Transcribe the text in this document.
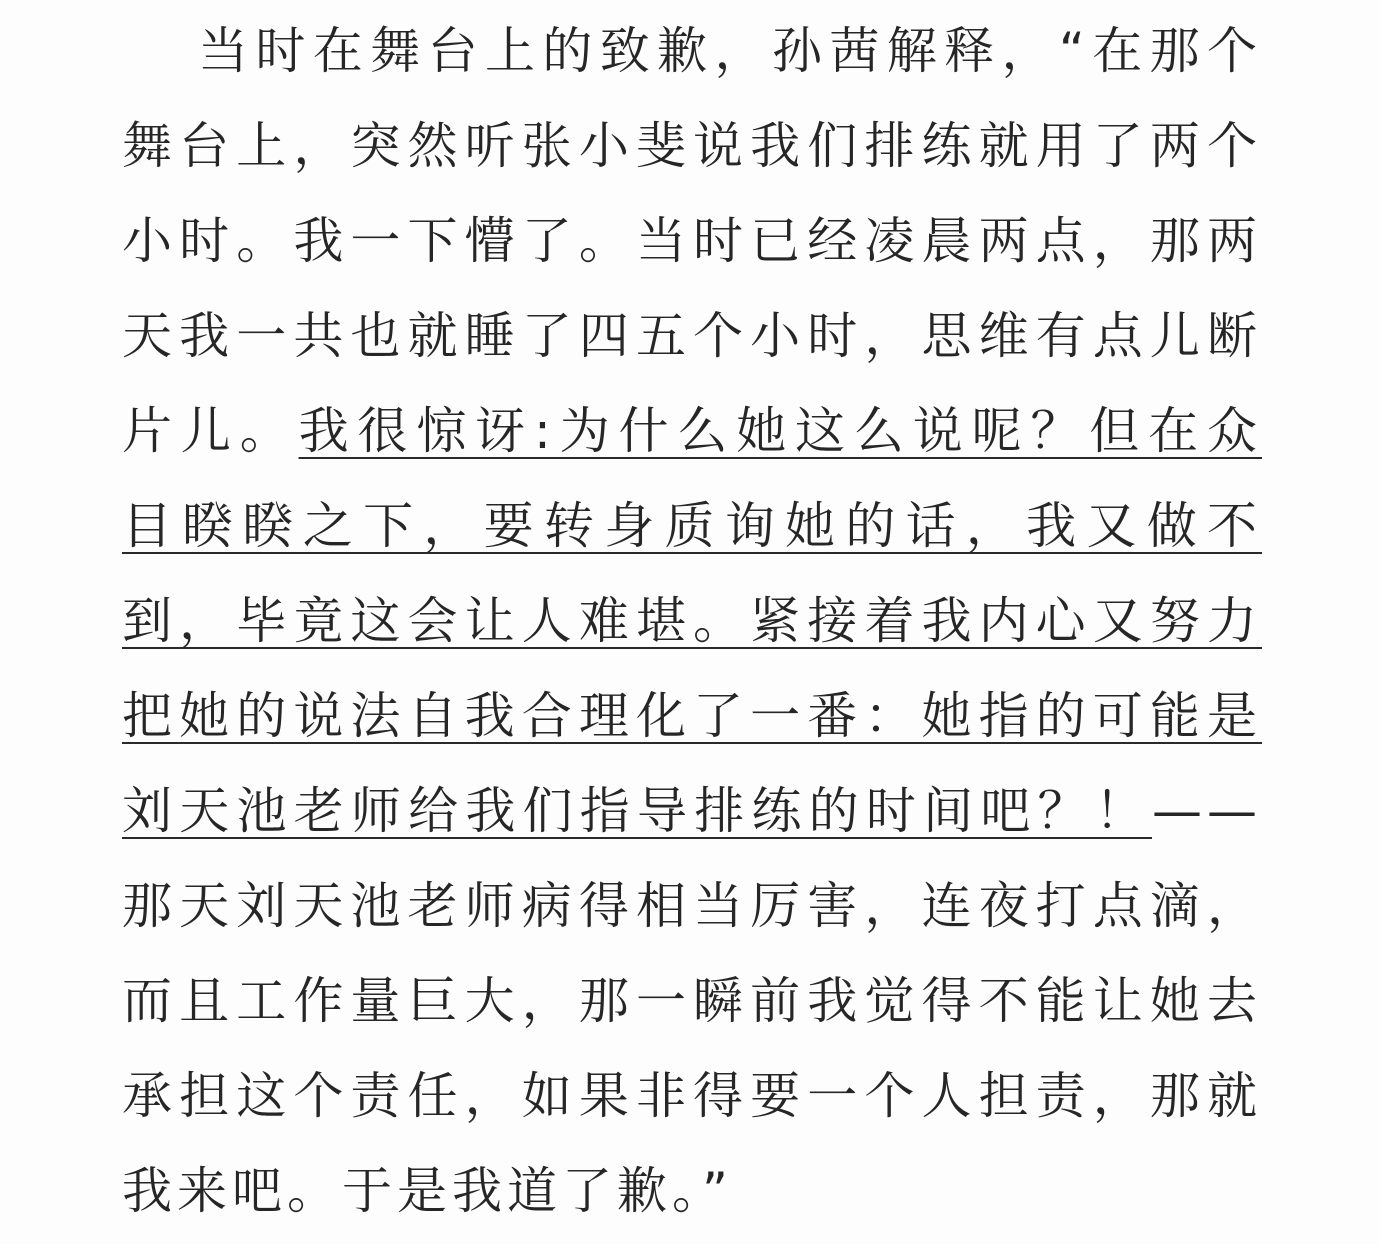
当时在舞台上的致歉，孙茜解释，“在那个
舞台上，突然听张小斐说我们排练就用了两个
小时。我一下懵了。当时已经凌晨两点，那两
天我一共也就睡了四五个小时，思维有点儿断
片儿。我很惊讶:为什么她这么说呢？但在众
目睽睽之下，要转身质询她的话，我又做不
到，毕竟这会让人难堪。紧接着我内心又努力
把她的说法自我合理化了一番：她指的可能是
刘天池老师给我们指导排练的时间吧？！——
那天刘天池老师病得相当厉害，连夜打点滴，
而且工作量巨大，那一瞬前我觉得不能让她去
承担这个责任，如果非得要一个人担责，那就
我来吧。于是我道了歉。”
